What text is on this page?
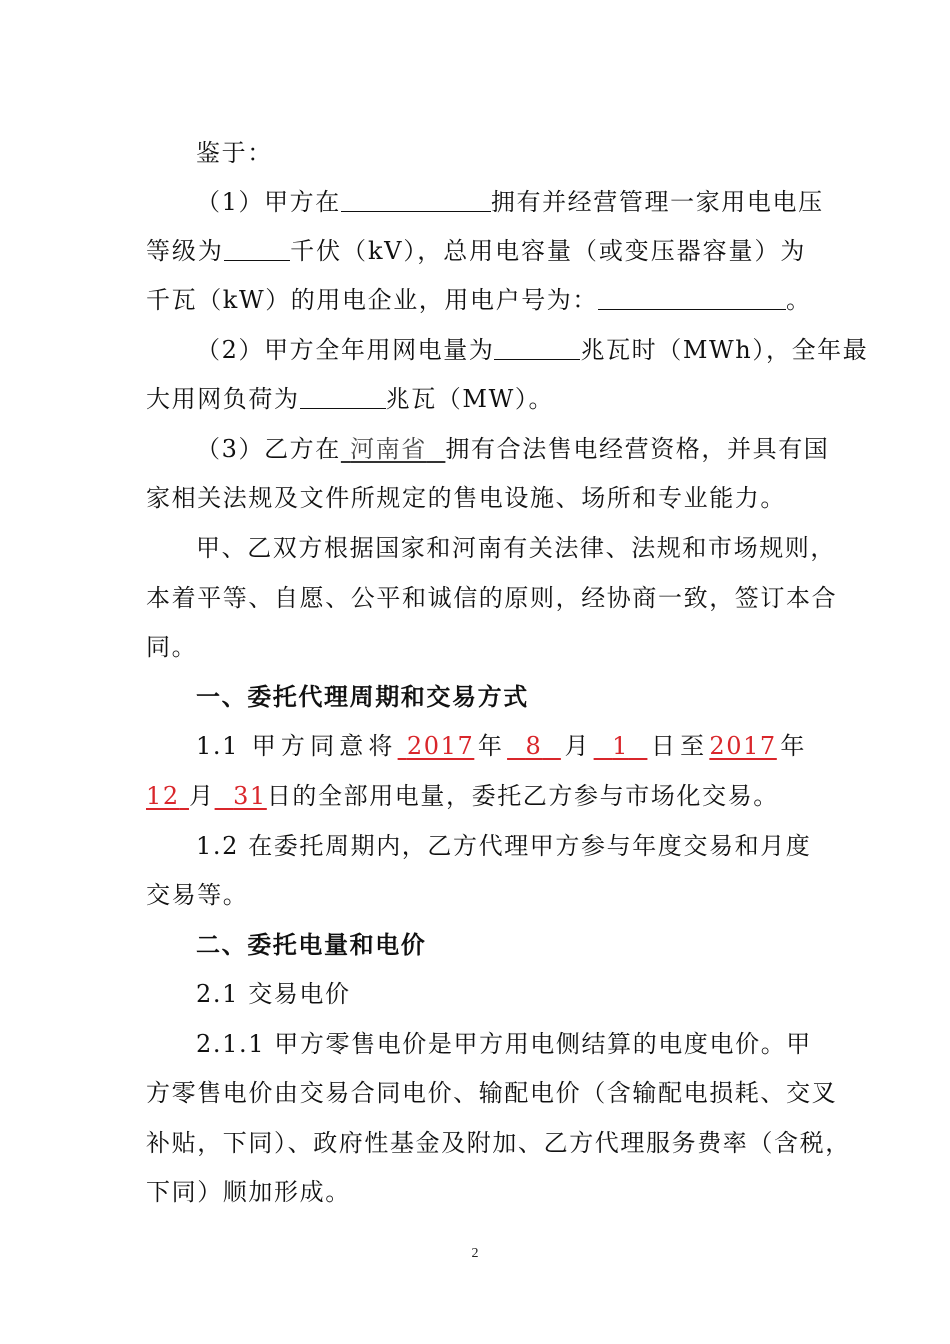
鉴于：
（1）甲方在	拥有并经营管理一家用电电压
等级为	千伏（kV），总用电容量（或变压器容量）为
千瓦（kW）的用电企业，用电户号为：	。
（2）甲方全年用网电量为	兆瓦时（MWh），全年最
大用网负荷为	兆瓦（MW）。
（3）乙方在 河南省 拥有合法售电经营资格，并具有国
家相关法规及文件所规定的售电设施、场所和专业能力。
甲、乙双方根据国家和河南有关法律、法规和市场规则，
本着平等、自愿、公平和诚信的原则，经协商一致，签订本合
同。
一、委托代理周期和交易方式
1.1 甲方同意将 2017年 8 月 1 日至2017年
12 月 31日的全部用电量，委托乙方参与市场化交易。
1.2 在委托周期内，乙方代理甲方参与年度交易和月度
交易等。
二、委托电量和电价
2.1 交易电价
2.1.1 甲方零售电价是甲方用电侧结算的电度电价。甲
方零售电价由交易合同电价、输配电价（含输配电损耗、交叉
补贴，下同）、政府性基金及附加、乙方代理服务费率（含税，
下同）顺加形成。
2
